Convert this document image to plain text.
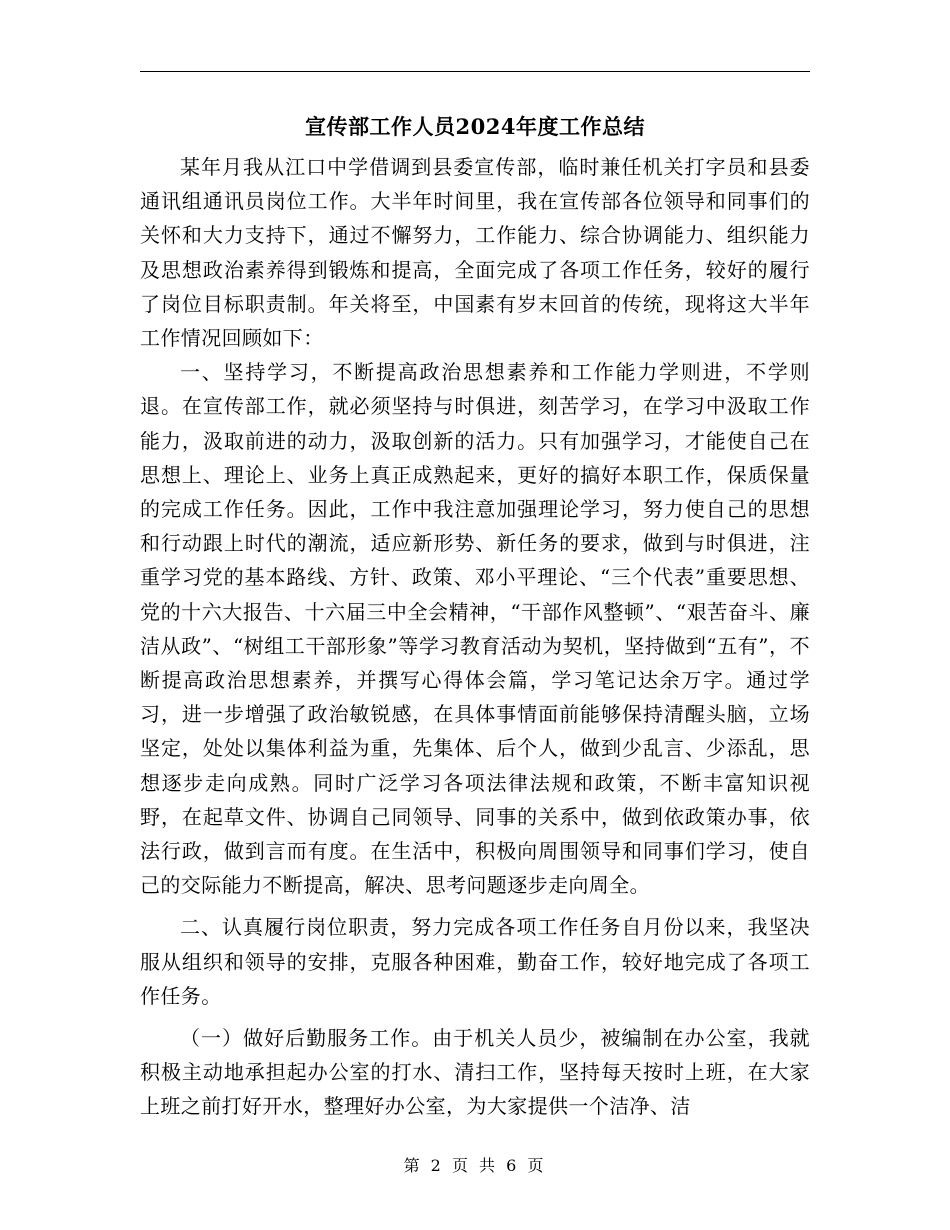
宣传部工作人员2024年度工作总结

某年月我从江口中学借调到县委宣传部，临时兼任机关打字员和县委通讯组通讯员岗位工作。大半年时间里，我在宣传部各位领导和同事们的关怀和大力支持下，通过不懈努力，工作能力、综合协调能力、组织能力及思想政治素养得到锻炼和提高，全面完成了各项工作任务，较好的履行了岗位目标职责制。年关将至，中国素有岁末回首的传统，现将这大半年工作情况回顾如下：

一、坚持学习，不断提高政治思想素养和工作能力学则进，不学则退。在宣传部工作，就必须坚持与时俱进，刻苦学习，在学习中汲取工作能力，汲取前进的动力，汲取创新的活力。只有加强学习，才能使自己在思想上、理论上、业务上真正成熟起来，更好的搞好本职工作，保质保量的完成工作任务。因此，工作中我注意加强理论学习，努力使自己的思想和行动跟上时代的潮流，适应新形势、新任务的要求，做到与时俱进，注重学习党的基本路线、方针、政策、邓小平理论、“三个代表”重要思想、党的十六大报告、十六届三中全会精神，“干部作风整顿”、“艰苦奋斗、廉洁从政”、“树组工干部形象”等学习教育活动为契机，坚持做到“五有”，不断提高政治思想素养，并撰写心得体会篇，学习笔记达余万字。通过学习，进一步增强了政治敏锐感，在具体事情面前能够保持清醒头脑，立场坚定，处处以集体利益为重，先集体、后个人，做到少乱言、少添乱，思想逐步走向成熟。同时广泛学习各项法律法规和政策，不断丰富知识视野，在起草文件、协调自己同领导、同事的关系中，做到依政策办事，依法行政，做到言而有度。在生活中，积极向周围领导和同事们学习，使自己的交际能力不断提高，解决、思考问题逐步走向周全。

二、认真履行岗位职责，努力完成各项工作任务自月份以来，我坚决服从组织和领导的安排，克服各种困难，勤奋工作，较好地完成了各项工作任务。

（一）做好后勤服务工作。由于机关人员少，被编制在办公室，我就积极主动地承担起办公室的打水、清扫工作，坚持每天按时上班，在大家上班之前打好开水，整理好办公室，为大家提供一个洁净、洁

第 2 页 共 6 页
